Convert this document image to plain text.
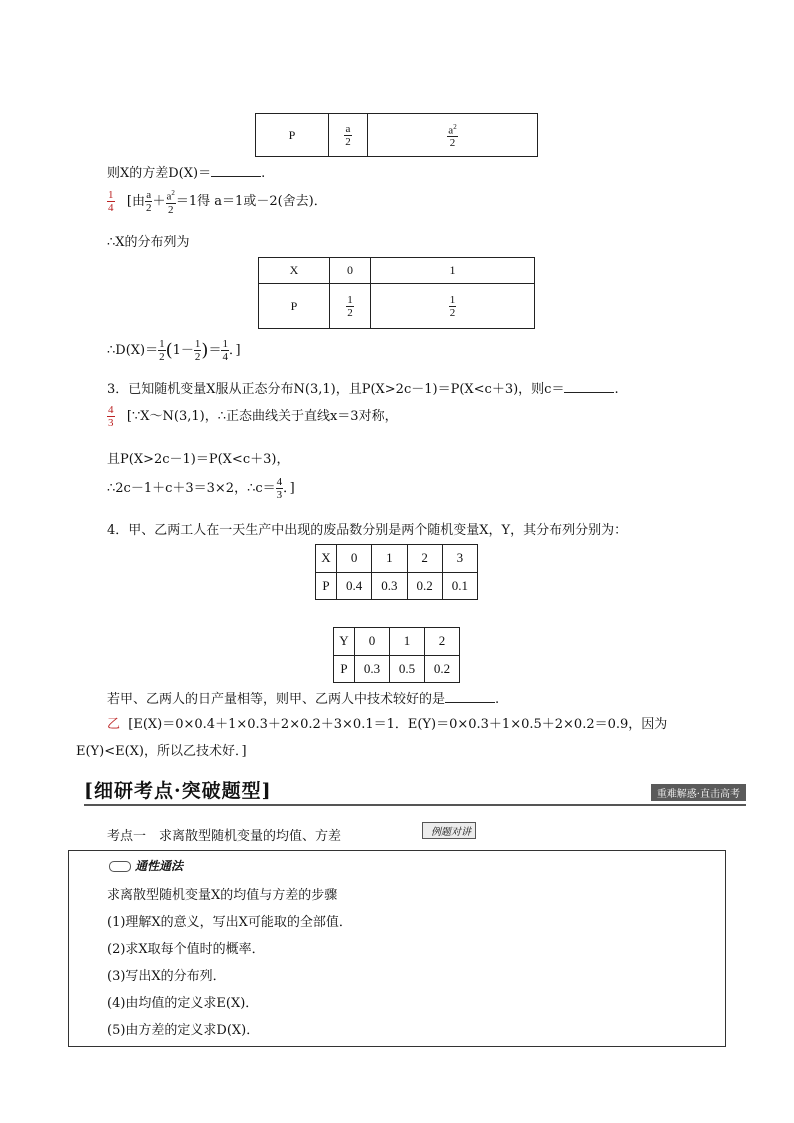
P	$\frac{a}{2}$	$\frac{a^2}{2}$
则X的方差D(X)＝	.
$\frac{1}{4}$ [由 $\frac{a}{2} + \frac{a^2}{2} =1$得 a＝1或－2(舍去)．
∴X的分布列为
X	0	1
P	$\frac{1}{2}$	$\frac{1}{2}$
∴D(X)＝ $\frac{1}{2} (1- \frac{1}{2}$ )＝ $\frac{1}{4}$ ．]
3．已知随机变量X服从正态分布N(3,1)，且P(X>2c－1)＝P(X<c＋3)，则c＝	.
$\frac{4}{3}$ [∵X～N(3,1)，∴正态曲线关于直线x＝3对称，
且P(X>2c－1)＝P(X<c＋3)，
∴2c－1＋c＋3＝3×2，∴c＝ $\frac{4}{3}$ ．]
4．甲、乙两工人在一天生产中出现的废品数分别是两个随机变量X，Y，其分布列分别为：
X	0	1	2	3
P	0.4	0.3	0.2	0.1
Y	0	1	2
P	0.3	0.5	0.2
若甲、乙两人的日产量相等，则甲、乙两人中技术较好的是	.
乙 [E(X)＝0×0.4＋1×0.3＋2×0.2＋3×0.1＝1．E(Y)＝0×0.3＋1×0.5＋2×0.2＝0.9，因为
E(Y)<E(X)，所以乙技术好．]
[细研考点·突破题型]	重难解惑·直击高考
考点一　求离散型随机变量的均值、方差	例题对讲
通性通法
求离散型随机变量X的均值与方差的步骤
(1)理解X的意义，写出X可能取的全部值．
(2)求X取每个值时的概率．
(3)写出X的分布列．
(4)由均值的定义求E(X)．
(5)由方差的定义求D(X)．
